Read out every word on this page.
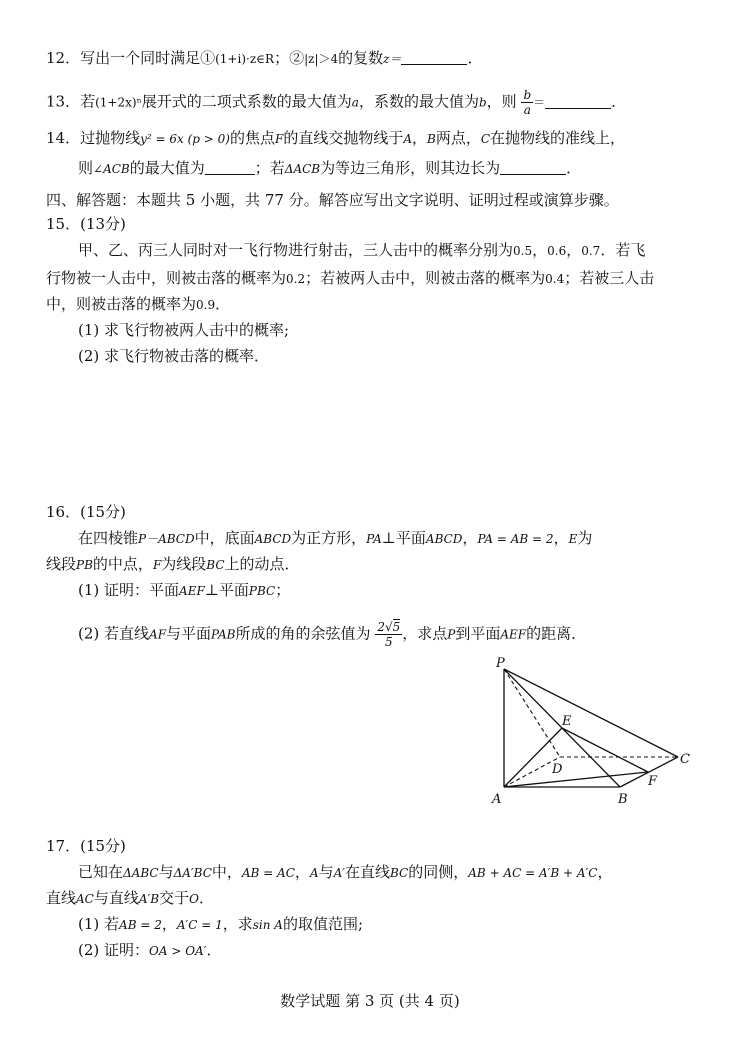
12．写出一个同时满足①(1+i)·z∈R；②|z|＞4的复数z＝	．
13．若(1+2x)ⁿ展开式的二项式系数的最大值为a，系数的最大值为b，则 $\frac{b}{a}$ ＝	．
14．过抛物线y² = 6x (p > 0)的焦点F的直线交抛物线于A，B两点，C在抛物线的准线上，
则∠ACB的最大值为	；若ΔACB为等边三角形，则其边长为	．
四、解答题：本题共 5 小题，共 77 分。解答应写出文字说明、证明过程或演算步骤。
15．(13分)
甲、乙、丙三人同时对一飞行物进行射击，三人击中的概率分别为0.5，0.6，0.7．若飞
行物被一人击中，则被击落的概率为0.2；若被两人击中，则被击落的概率为0.4；若被三人击
中，则被击落的概率为0.9．
(1) 求飞行物被两人击中的概率;
(2) 求飞行物被击落的概率．
16．(15分)
在四棱锥P－ABCD中，底面ABCD为正方形，PA⊥平面ABCD，PA = AB = 2，E为
线段PB的中点，F为线段BC上的动点．
(1) 证明：平面AEF⊥平面PBC；
(2) 若直线AF与平面PAB所成的角的余弦值为 $\frac{2√5}{5}$ ，求点P到平面AEF的距离．
P
E
D
C
F
A	B
17．(15分)
已知在ΔABC与ΔA′BC中，AB = AC，A与A′在直线BC的同侧，AB + AC = A′B + A′C，
直线AC与直线A′B交于O．
(1) 若AB = 2，A′C = 1，求sin A的取值范围;
(2) 证明：OA > OA′．
数学试题 第 3 页 (共 4 页)
